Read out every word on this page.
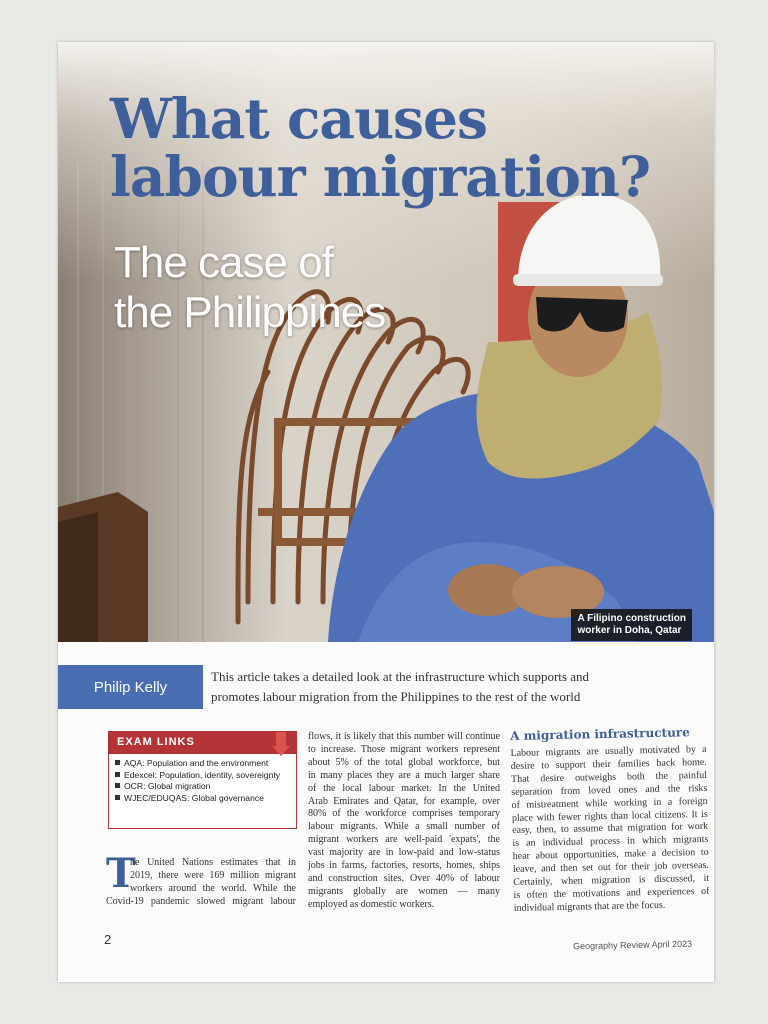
What causes
labour migration?
The case of
the Philippines
A Filipino construction
worker in Doha, Qatar
Philip Kelly
This article takes a detailed look at the infrastructure which supports and
promotes labour migration from the Philippines to the rest of the world
EXAM LINKS
AQA: Population and the environment
Edexcel: Population, identity, sovereignty
OCR: Global migration
WJEC/EDUQAS: Global governance
T
he United Nations estimates that in
2019, there were 169 million migrant
workers around the world. While the
Covid-19 pandemic slowed migrant labour
flows, it is likely that this number will continue
to increase. Those migrant workers represent
about 5% of the total global workforce, but
in many places they are a much larger share
of the local labour market. In the United
Arab Emirates and Qatar, for example, over
80% of the workforce comprises temporary
labour migrants. While a small number of
migrant workers are well-paid 'expats', the
vast majority are in low-paid and low-status
jobs in farms, factories, resorts, homes, ships
and construction sites. Over 40% of labour
migrants globally are women — many
employed as domestic workers.
A migration infrastructure
Labour migrants are usually motivated by a
desire to support their families back home.
That desire outweighs both the painful
separation from loved ones and the risks
of mistreatment while working in a foreign
place with fewer rights than local citizens. It is
easy, then, to assume that migration for work
is an individual process in which migrants
hear about opportunities, make a decision to
leave, and then set out for their job overseas.
Certainly, when migration is discussed, it
is often the motivations and experiences of
individual migrants that are the focus.
2	Geography Review April 2023
